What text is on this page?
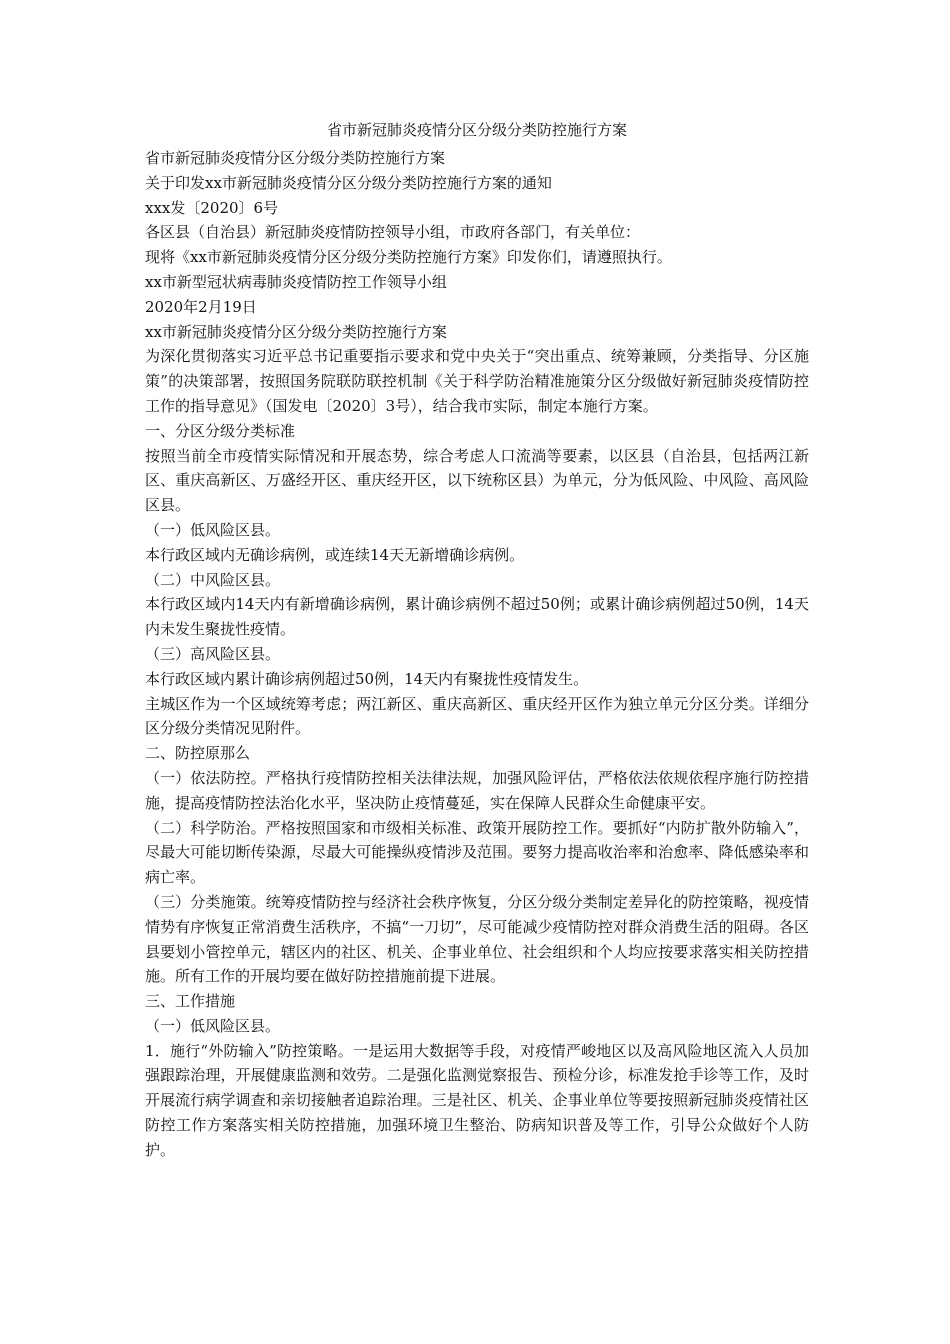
省市新冠肺炎疫情分区分级分类防控施行方案

省市新冠肺炎疫情分区分级分类防控施行方案

关于印发xx市新冠肺炎疫情分区分级分类防控施行方案的通知

xxx发〔2020〕6号

各区县（自治县）新冠肺炎疫情防控领导小组，市政府各部门，有关单位：

现将《xx市新冠肺炎疫情分区分级分类防控施行方案》印发你们，请遵照执行。

xx市新型冠状病毒肺炎疫情防控工作领导小组

2020年2月19日

xx市新冠肺炎疫情分区分级分类防控施行方案

为深化贯彻落实习近平总书记重要指示要求和党中央关于“突出重点、统筹兼顾，分类指导、分区施策”的决策部署，按照国务院联防联控机制《关于科学防治精准施策分区分级做好新冠肺炎疫情防控工作的指导意见》（国发电〔2020〕3号），结合我市实际，制定本施行方案。

一、分区分级分类标准

按照当前全市疫情实际情况和开展态势，综合考虑人口流淌等要素，以区县（自治县，包括两江新区、重庆高新区、万盛经开区、重庆经开区，以下统称区县）为单元，分为低风险、中风险、高风险区县。

（一）低风险区县。

本行政区域内无确诊病例，或连续14天无新增确诊病例。

（二）中风险区县。

本行政区域内14天内有新增确诊病例，累计确诊病例不超过50例；或累计确诊病例超过50例，14天内未发生聚拢性疫情。

（三）高风险区县。

本行政区域内累计确诊病例超过50例，14天内有聚拢性疫情发生。

主城区作为一个区域统筹考虑；两江新区、重庆高新区、重庆经开区作为独立单元分区分类。详细分区分级分类情况见附件。

二、防控原那么

（一）依法防控。严格执行疫情防控相关法律法规，加强风险评估，严格依法依规依程序施行防控措施，提高疫情防控法治化水平，坚决防止疫情蔓延，实在保障人民群众生命健康平安。

（二）科学防治。严格按照国家和市级相关标准、政策开展防控工作。要抓好“内防扩散外防输入”，尽最大可能切断传染源，尽最大可能操纵疫情涉及范围。要努力提高收治率和治愈率、降低感染率和病亡率。

（三）分类施策。统筹疫情防控与经济社会秩序恢复，分区分级分类制定差异化的防控策略，视疫情情势有序恢复正常消费生活秩序，不搞“一刀切”，尽可能减少疫情防控对群众消费生活的阻碍。各区县要划小管控单元，辖区内的社区、机关、企事业单位、社会组织和个人均应按要求落实相关防控措施。所有工作的开展均要在做好防控措施前提下进展。

三、工作措施

（一）低风险区县。

1．施行“外防输入”防控策略。一是运用大数据等手段，对疫情严峻地区以及高风险地区流入人员加强跟踪治理，开展健康监测和效劳。二是强化监测觉察报告、预检分诊，标准发抢手诊等工作，及时开展流行病学调查和亲切接触者追踪治理。三是社区、机关、企事业单位等要按照新冠肺炎疫情社区防控工作方案落实相关防控措施，加强环境卫生整治、防病知识普及等工作，引导公众做好个人防护。
